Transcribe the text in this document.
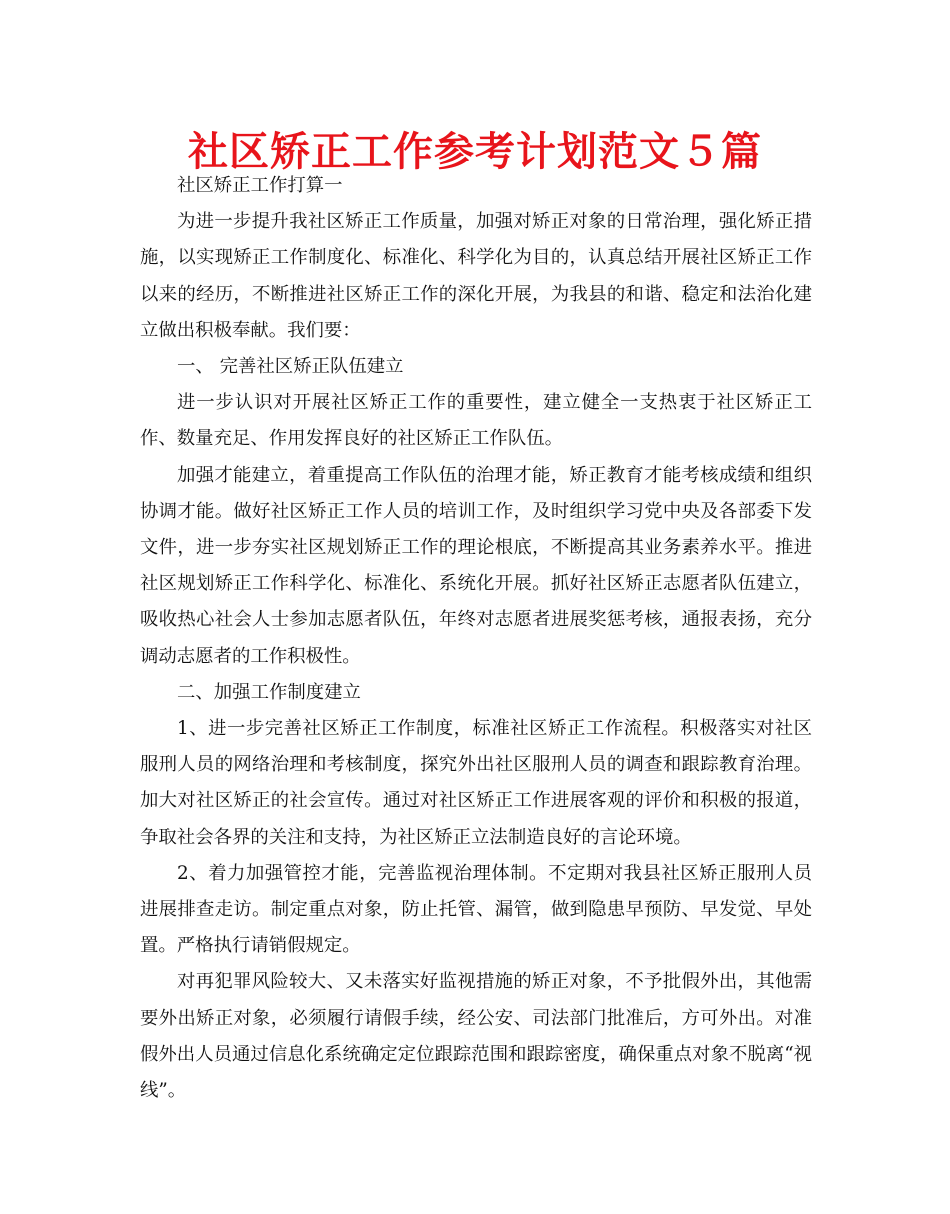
社区矫正工作参考计划范文５篇

社区矫正工作打算一

为进一步提升我社区矫正工作质量，加强对矫正对象的日常治理，强化矫正措施，以实现矫正工作制度化、标准化、科学化为目的，认真总结开展社区矫正工作以来的经历，不断推进社区矫正工作的深化开展，为我县的和谐、稳定和法治化建立做出积极奉献。我们要：

一、 完善社区矫正队伍建立

进一步认识对开展社区矫正工作的重要性，建立健全一支热衷于社区矫正工作、数量充足、作用发挥良好的社区矫正工作队伍。

加强才能建立，着重提高工作队伍的治理才能，矫正教育才能考核成绩和组织协调才能。做好社区矫正工作人员的培训工作，及时组织学习党中央及各部委下发文件，进一步夯实社区规划矫正工作的理论根底，不断提高其业务素养水平。推进社区规划矫正工作科学化、标准化、系统化开展。抓好社区矫正志愿者队伍建立，吸收热心社会人士参加志愿者队伍，年终对志愿者进展奖惩考核，通报表扬，充分调动志愿者的工作积极性。

二、加强工作制度建立

1、进一步完善社区矫正工作制度，标准社区矫正工作流程。积极落实对社区服刑人员的网络治理和考核制度，探究外出社区服刑人员的调查和跟踪教育治理。加大对社区矫正的社会宣传。通过对社区矫正工作进展客观的评价和积极的报道，争取社会各界的关注和支持，为社区矫正立法制造良好的言论环境。

2、着力加强管控才能，完善监视治理体制。不定期对我县社区矫正服刑人员进展排查走访。制定重点对象，防止托管、漏管，做到隐患早预防、早发觉、早处置。严格执行请销假规定。

对再犯罪风险较大、又未落实好监视措施的矫正对象，不予批假外出，其他需要外出矫正对象，必须履行请假手续，经公安、司法部门批准后，方可外出。对准假外出人员通过信息化系统确定定位跟踪范围和跟踪密度，确保重点对象不脱离“视线”。
